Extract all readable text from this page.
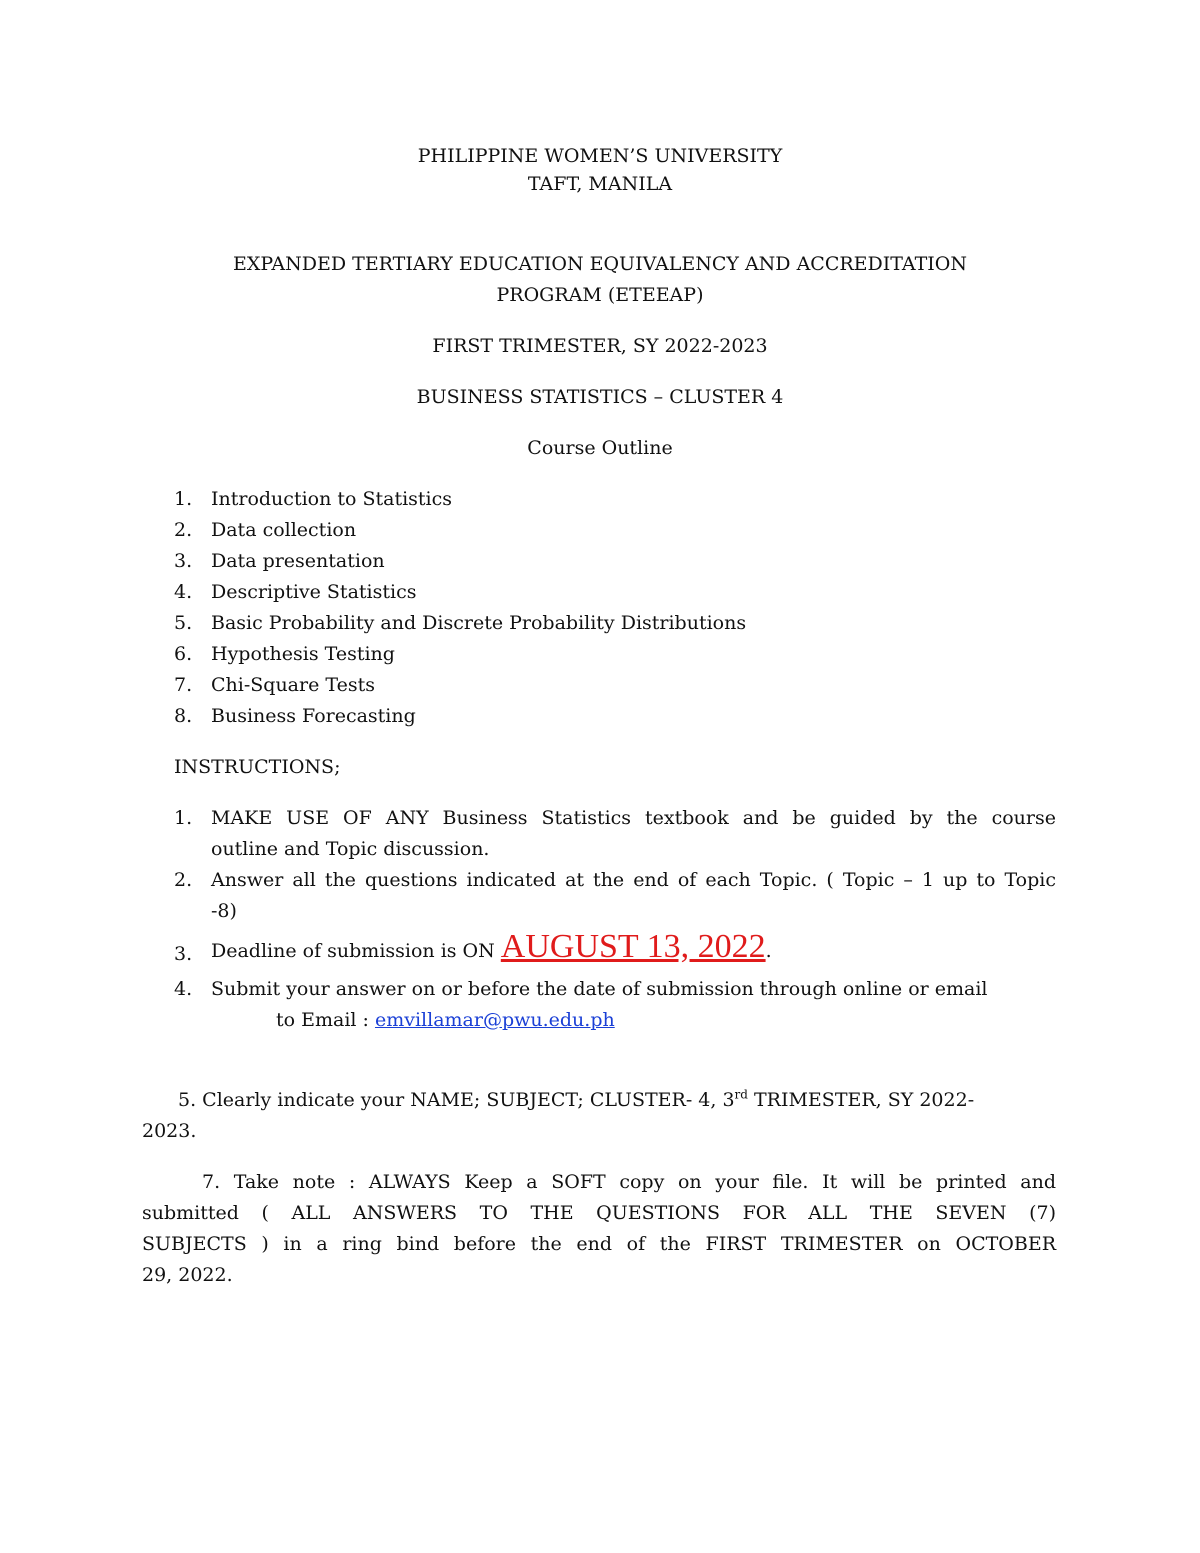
PHILIPPINE WOMEN’S UNIVERSITY
TAFT, MANILA
EXPANDED TERTIARY EDUCATION EQUIVALENCY AND ACCREDITATION
PROGRAM (ETEEAP)
FIRST TRIMESTER, SY 2022-2023
BUSINESS STATISTICS – CLUSTER 4
Course Outline
1. Introduction to Statistics
2. Data collection
3. Data presentation
4. Descriptive Statistics
5. Basic Probability and Discrete Probability Distributions
6. Hypothesis Testing
7. Chi-Square Tests
8. Business Forecasting
INSTRUCTIONS;
1. MAKE USE OF ANY Business Statistics textbook and be guided by the course
outline and Topic discussion.
2. Answer all the questions indicated at the end of each Topic. ( Topic – 1 up to Topic
-8)
3. Deadline of submission is ON AUGUST 13, 2022.
4. Submit your answer on or before the date of submission through online or email
to Email : emvillamar@pwu.edu.ph
5. Clearly indicate your NAME; SUBJECT; CLUSTER- 4, 3rd TRIMESTER, SY 2022-
2023.
7. Take note : ALWAYS Keep a SOFT copy on your file. It will be printed and
submitted ( ALL ANSWERS TO THE QUESTIONS FOR ALL THE SEVEN (7)
SUBJECTS ) in a ring bind before the end of the FIRST TRIMESTER on OCTOBER
29, 2022.
